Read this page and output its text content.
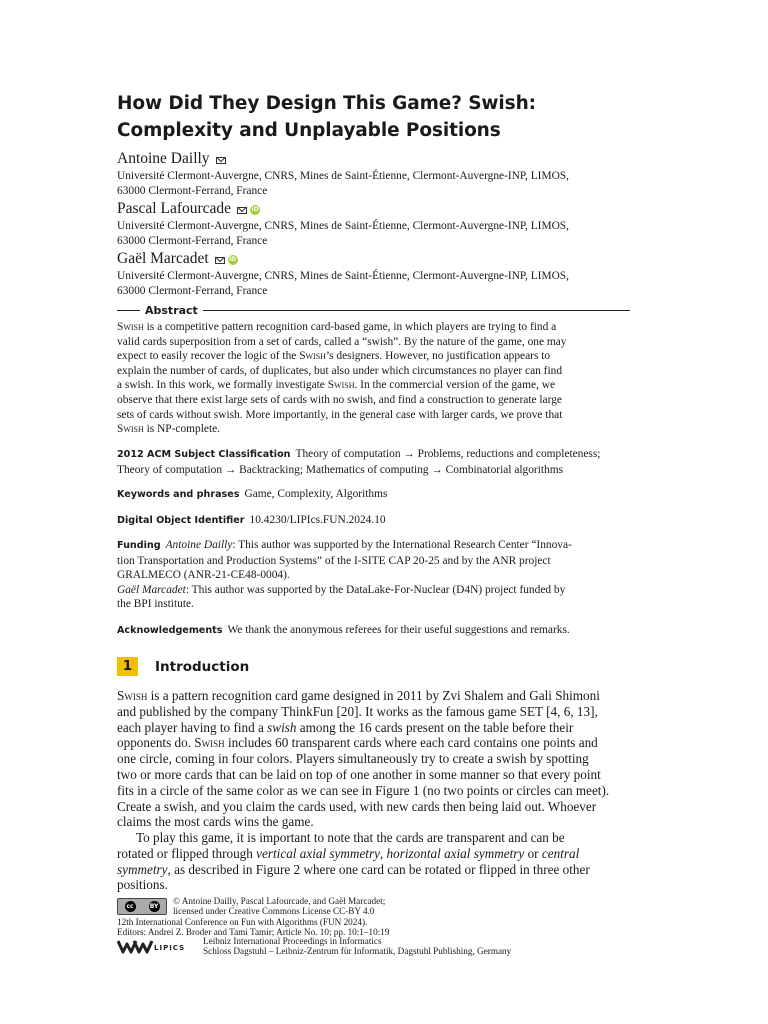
How Did They Design This Game? Swish:
Complexity and Unplayable Positions
Antoine Dailly
Université Clermont-Auvergne, CNRS, Mines de Saint-Étienne, Clermont-Auvergne-INP, LIMOS,
63000 Clermont-Ferrand, France
Pascal Lafourcade	iD
Université Clermont-Auvergne, CNRS, Mines de Saint-Étienne, Clermont-Auvergne-INP, LIMOS,
63000 Clermont-Ferrand, France
Gaël Marcadet	iD
Université Clermont-Auvergne, CNRS, Mines de Saint-Étienne, Clermont-Auvergne-INP, LIMOS,
63000 Clermont-Ferrand, France
Abstract
Swish is a competitive pattern recognition card-based game, in which players are trying to find a
valid cards superposition from a set of cards, called a “swish”. By the nature of the game, one may
expect to easily recover the logic of the Swish’s designers. However, no justification appears to
explain the number of cards, of duplicates, but also under which circumstances no player can find
a swish. In this work, we formally investigate Swish. In the commercial version of the game, we
observe that there exist large sets of cards with no swish, and find a construction to generate large
sets of cards without swish. More importantly, in the general case with larger cards, we prove that
Swish is NP-complete.
2012 ACM Subject Classification Theory of computation → Problems, reductions and completeness;
Theory of computation → Backtracking; Mathematics of computing → Combinatorial algorithms
Keywords and phrases Game, Complexity, Algorithms
Digital Object Identifier 10.4230/LIPIcs.FUN.2024.10
Funding Antoine Dailly: This author was supported by the International Research Center “Innova-
tion Transportation and Production Systems” of the I-SITE CAP 20-25 and by the ANR project
GRALMECO (ANR-21-CE48-0004).
Gaël Marcadet: This author was supported by the DataLake-For-Nuclear (D4N) project funded by
the BPI institute.
Acknowledgements We thank the anonymous referees for their useful suggestions and remarks.
1	Introduction
Swish is a pattern recognition card game designed in 2011 by Zvi Shalem and Gali Shimoni
and published by the company ThinkFun [20]. It works as the famous game SET [4, 6, 13],
each player having to find a swish among the 16 cards present on the table before their
opponents do. Swish includes 60 transparent cards where each card contains one points and
one circle, coming in four colors. Players simultaneously try to create a swish by spotting
two or more cards that can be laid on top of one another in some manner so that every point
fits in a circle of the same color as we can see in Figure 1 (no two points or circles can meet).
Create a swish, and you claim the cards used, with new cards then being laid out. Whoever
claims the most cards wins the game.
To play this game, it is important to note that the cards are transparent and can be
rotated or flipped through vertical axial symmetry, horizontal axial symmetry or central
symmetry, as described in Figure 2 where one card can be rotated or flipped in three other
positions.
cc	BY
© Antoine Dailly, Pascal Lafourcade, and Gaël Marcadet;
licensed under Creative Commons License CC-BY 4.0
12th International Conference on Fun with Algorithms (FUN 2024).
Editors: Andrei Z. Broder and Tami Tamir; Article No. 10; pp. 10:1–10:19
LIPICS
Leibniz International Proceedings in Informatics
Schloss Dagstuhl – Leibniz-Zentrum für Informatik, Dagstuhl Publishing, Germany
